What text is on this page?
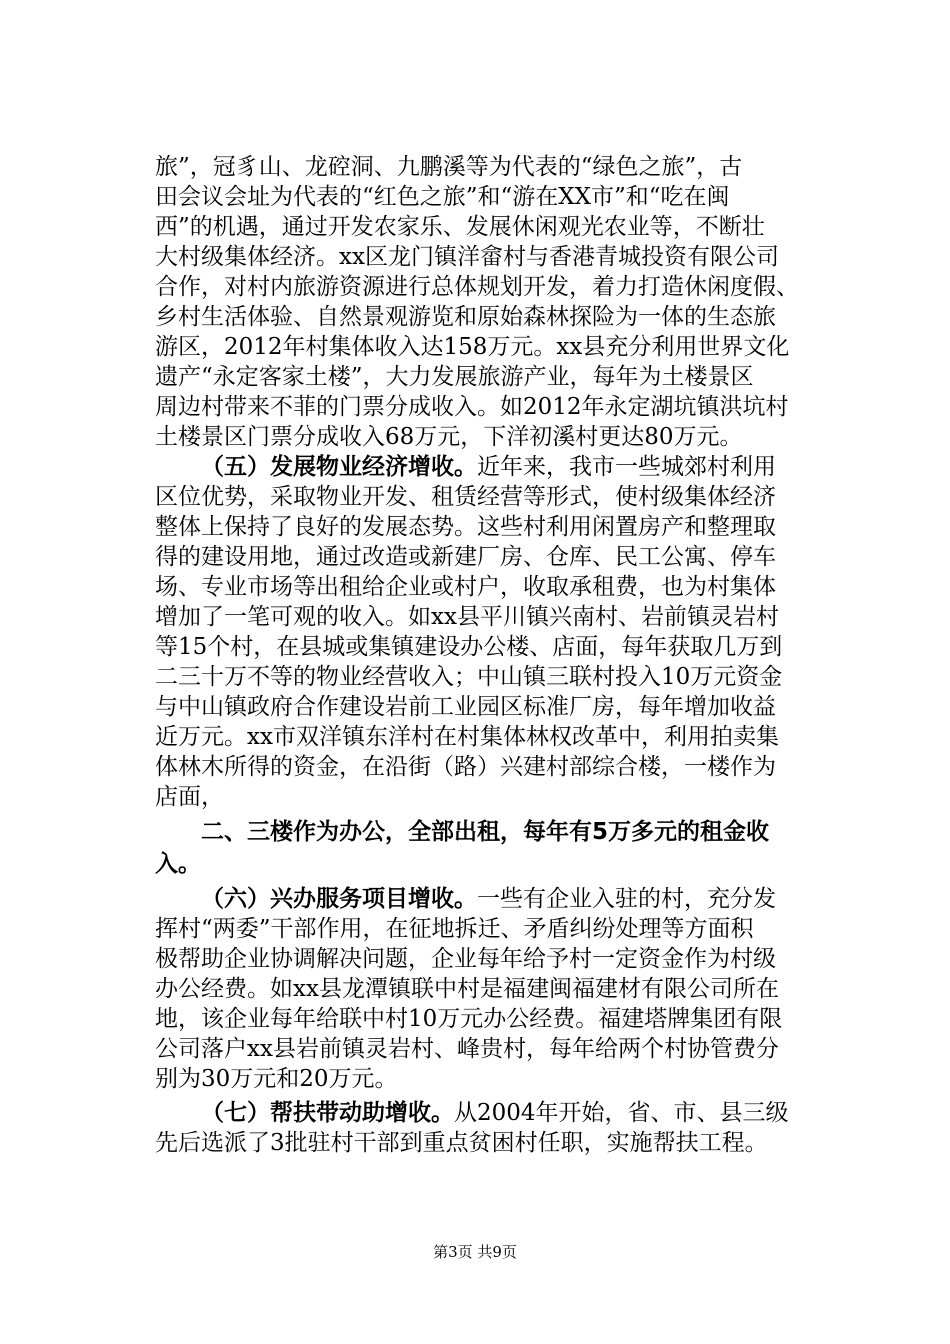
旅”，冠豸山、龙硿洞、九鹏溪等为代表的“绿色之旅”，古
田会议会址为代表的“红色之旅”和“游在XX市”和“吃在闽
西”的机遇，通过开发农家乐、发展休闲观光农业等，不断壮
大村级集体经济。xx区龙门镇洋畲村与香港青城投资有限公司
合作，对村内旅游资源进行总体规划开发，着力打造休闲度假、
乡村生活体验、自然景观游览和原始森林探险为一体的生态旅
游区，2012年村集体收入达158万元。xx县充分利用世界文化
遗产“永定客家土楼”，大力发展旅游产业，每年为土楼景区
周边村带来不菲的门票分成收入。如2012年永定湖坑镇洪坑村
土楼景区门票分成收入68万元，下洋初溪村更达80万元。
（五）发展物业经济增收。近年来，我市一些城郊村利用
区位优势，采取物业开发、租赁经营等形式，使村级集体经济
整体上保持了良好的发展态势。这些村利用闲置房产和整理取
得的建设用地，通过改造或新建厂房、仓库、民工公寓、停车
场、专业市场等出租给企业或村户，收取承租费，也为村集体
增加了一笔可观的收入。如xx县平川镇兴南村、岩前镇灵岩村
等15个村，在县城或集镇建设办公楼、店面，每年获取几万到
二三十万不等的物业经营收入；中山镇三联村投入10万元资金
与中山镇政府合作建设岩前工业园区标准厂房，每年增加收益
近万元。xx市双洋镇东洋村在村集体林权改革中，利用拍卖集
体林木所得的资金，在沿街（路）兴建村部综合楼，一楼作为
店面，
二、三楼作为办公，全部出租，每年有5万多元的租金收
入。
（六）兴办服务项目增收。一些有企业入驻的村，充分发
挥村“两委”干部作用，在征地拆迁、矛盾纠纷处理等方面积
极帮助企业协调解决问题，企业每年给予村一定资金作为村级
办公经费。如xx县龙潭镇联中村是福建闽福建材有限公司所在
地，该企业每年给联中村10万元办公经费。福建塔牌集团有限
公司落户xx县岩前镇灵岩村、峰贵村，每年给两个村协管费分
别为30万元和20万元。
（七）帮扶带动助增收。从2004年开始，省、市、县三级
先后选派了3批驻村干部到重点贫困村任职，实施帮扶工程。
第3页 共9页
